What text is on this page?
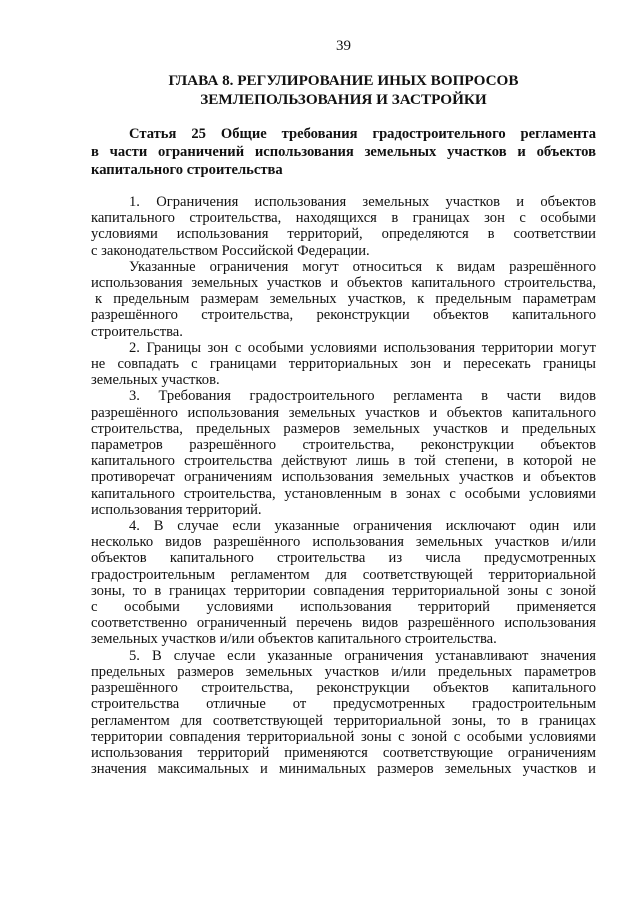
39
ГЛАВА 8. РЕГУЛИРОВАНИЕ ИНЫХ ВОПРОСОВ
ЗЕМЛЕПОЛЬЗОВАНИЯ И ЗАСТРОЙКИ
Статья 25 Общие требования градостроительного регламента
в части ограничений использования земельных участков и объектов
капитального строительства
1. Ограничения использования земельных участков и объектов
капитального строительства, находящихся в границах зон с особыми
условиями использования территорий, определяются в соответствии
с законодательством Российской Федерации.
Указанные ограничения могут относиться к видам разрешённого
использования земельных участков и объектов капитального строительства,
к предельным размерам земельных участков, к предельным параметрам
разрешённого строительства, реконструкции объектов капитального
строительства.
2. Границы зон с особыми условиями использования территории могут
не совпадать с границами территориальных зон и пересекать границы
земельных участков.
3. Требования градостроительного регламента в части видов
разрешённого использования земельных участков и объектов капитального
строительства, предельных размеров земельных участков и предельных
параметров разрешённого строительства, реконструкции объектов
капитального строительства действуют лишь в той степени, в которой не
противоречат ограничениям использования земельных участков и объектов
капитального строительства, установленным в зонах с особыми условиями
использования территорий.
4. В случае если указанные ограничения исключают один или
несколько видов разрешённого использования земельных участков и/или
объектов капитального строительства из числа предусмотренных
градостроительным регламентом для соответствующей территориальной
зоны, то в границах территории совпадения территориальной зоны с зоной
с особыми условиями использования территорий применяется
соответственно ограниченный перечень видов разрешённого использования
земельных участков и/или объектов капитального строительства.
5. В случае если указанные ограничения устанавливают значения
предельных размеров земельных участков и/или предельных параметров
разрешённого строительства, реконструкции объектов капитального
строительства отличные от предусмотренных градостроительным
регламентом для соответствующей территориальной зоны, то в границах
территории совпадения территориальной зоны с зоной с особыми условиями
использования территорий применяются соответствующие ограничениям
значения максимальных и минимальных размеров земельных участков и
